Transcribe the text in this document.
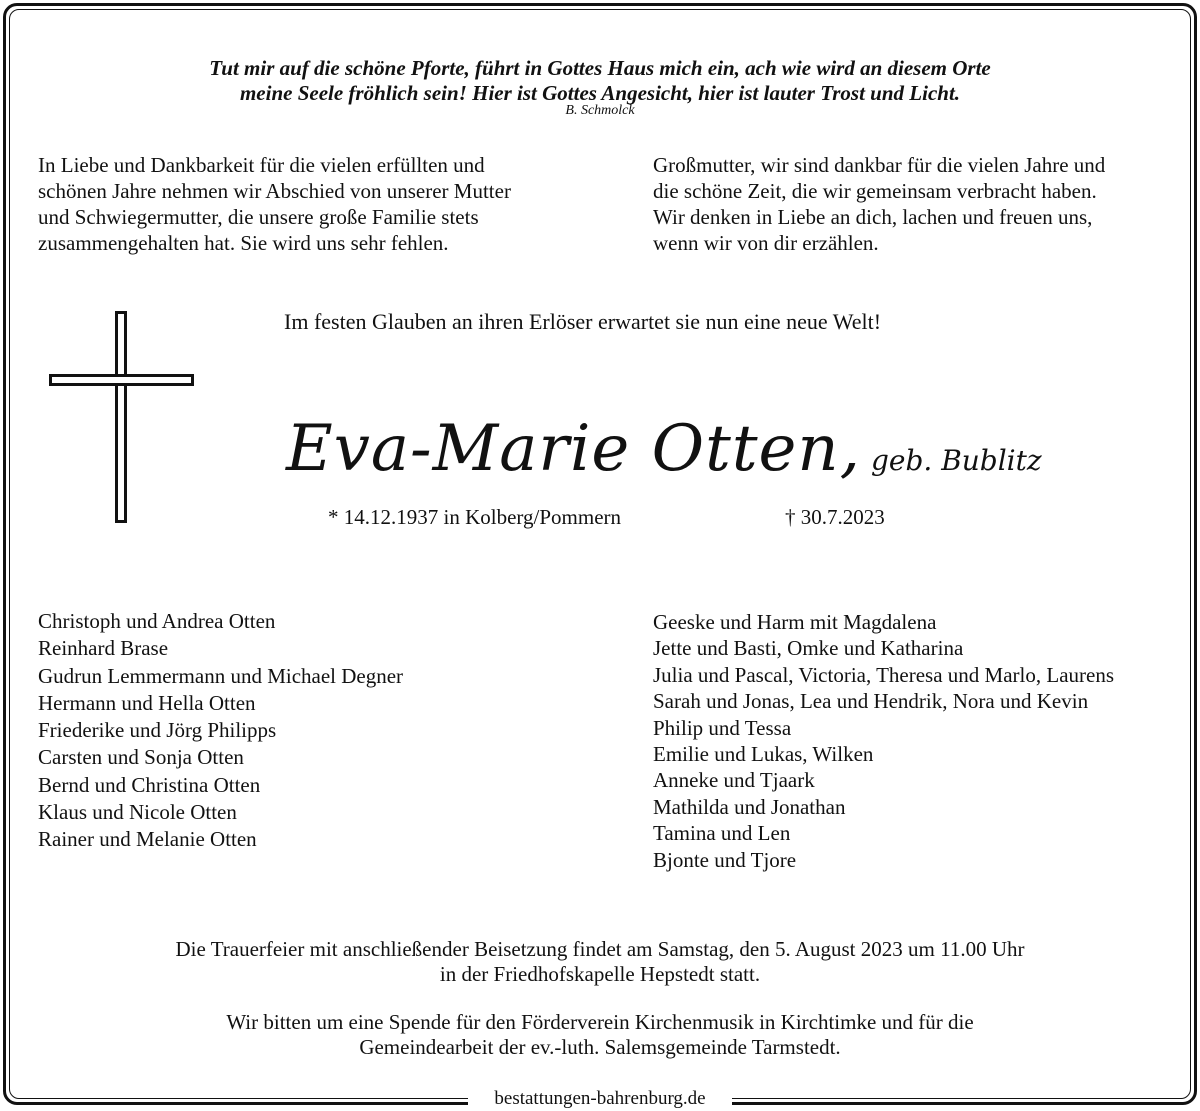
Tut mir auf die schöne Pforte, führt in Gottes Haus mich ein, ach wie wird an diesem Orte
meine Seele fröhlich sein! Hier ist Gottes Angesicht, hier ist lauter Trost und Licht.
B. Schmolck

In Liebe und Dankbarkeit für die vielen erfüllten und
schönen Jahre nehmen wir Abschied von unserer Mutter
und Schwiegermutter, die unsere große Familie stets
zusammengehalten hat. Sie wird uns sehr fehlen.

Großmutter, wir sind dankbar für die vielen Jahre und
die schöne Zeit, die wir gemeinsam verbracht haben.
Wir denken in Liebe an dich, lachen und freuen uns,
wenn wir von dir erzählen.

Im festen Glauben an ihren Erlöser erwartet sie nun eine neue Welt!
Eva-Marie Otten, geb. Bublitz
* 14.12.1937 in Kolberg/Pommern	† 30.7.2023
Christoph und Andrea Otten
Reinhard Brase
Gudrun Lemmermann und Michael Degner
Hermann und Hella Otten
Friederike und Jörg Philipps
Carsten und Sonja Otten
Bernd und Christina Otten
Klaus und Nicole Otten
Rainer und Melanie Otten
Geeske und Harm mit Magdalena
Jette und Basti, Omke und Katharina
Julia und Pascal, Victoria, Theresa und Marlo, Laurens
Sarah und Jonas, Lea und Hendrik, Nora und Kevin
Philip und Tessa
Emilie und Lukas, Wilken
Anneke und Tjaark
Mathilda und Jonathan
Tamina und Len
Bjonte und Tjore
Die Trauerfeier mit anschließender Beisetzung findet am Samstag, den 5. August 2023 um 11.00 Uhr
in der Friedhofskapelle Hepstedt statt.
Wir bitten um eine Spende für den Förderverein Kirchenmusik in Kirchtimke und für die
Gemeindearbeit der ev.-luth. Salemsgemeinde Tarmstedt.
bestattungen-bahrenburg.de
